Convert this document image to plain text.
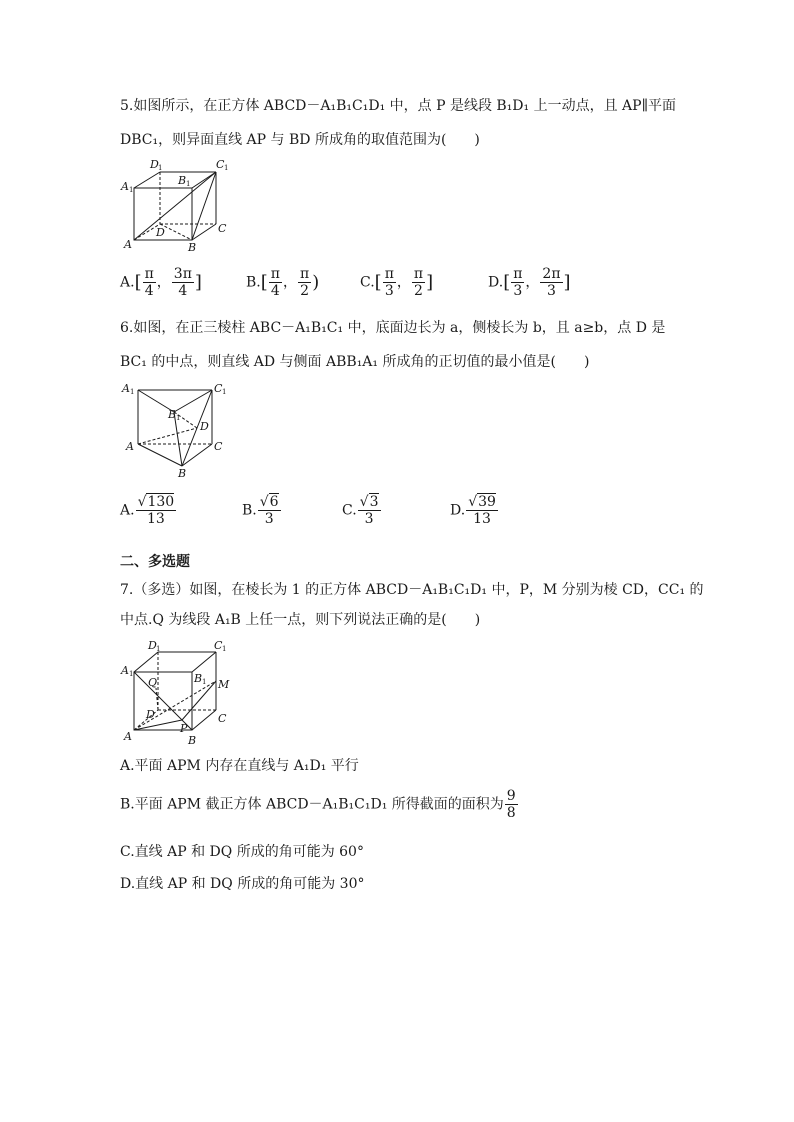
5.如图所示，在正方体 ABCD－A₁B₁C₁D₁ 中，点 P 是线段 B₁D₁ 上一动点，且 AP∥平面
DBC₁，则异面直线 AP 与 BD 所成角的取值范围为(　　)
D 1	C 1
A 1
B 1
C
A
D
B
$A.[ \frac{\pi}{4}$ ， $\frac{3\pi}{4}$ ]	$B.[ \frac{\pi}{4}$ ， $\frac{\pi}{2}$ )	$C.[ \frac{\pi}{3}$ ， $\frac{\pi}{2}$ ]	$D.[ \frac{\pi}{3}$ ， $\frac{2\pi}{3}$ ]
6.如图，在正三棱柱 ABC－A₁B₁C₁ 中，底面边长为 a，侧棱长为 b，且 a≥b，点 D 是
BC₁ 的中点，则直线 AD 与侧面 ABB₁A₁ 所成角的正切值的最小值是(　　)
A 1	C 1
B 1
D
A	C
B
A. $\frac{√130}{13}$	B. $\frac{√6}{3}$	C. $\frac{√3}{3}$	D. $\frac{√39}{13}$
二、多选题
7.（多选）如图，在棱长为 1 的正方体 ABCD－A₁B₁C₁D₁ 中，P，M 分别为棱 CD，CC₁ 的
中点.Q 为线段 A₁B 上任一点，则下列说法正确的是(　　)
D 1	C 1
A 1
Q	B 1 M
D	C
A
P
B
A.平面 APM 内存在直线与 A₁D₁ 平行
B.平面 APM 截正方体 ABCD－A₁B₁C₁D₁ 所得截面的面积为 $\frac{9}{8}$
C.直线 AP 和 DQ 所成的角可能为 60°
D.直线 AP 和 DQ 所成的角可能为 30°
